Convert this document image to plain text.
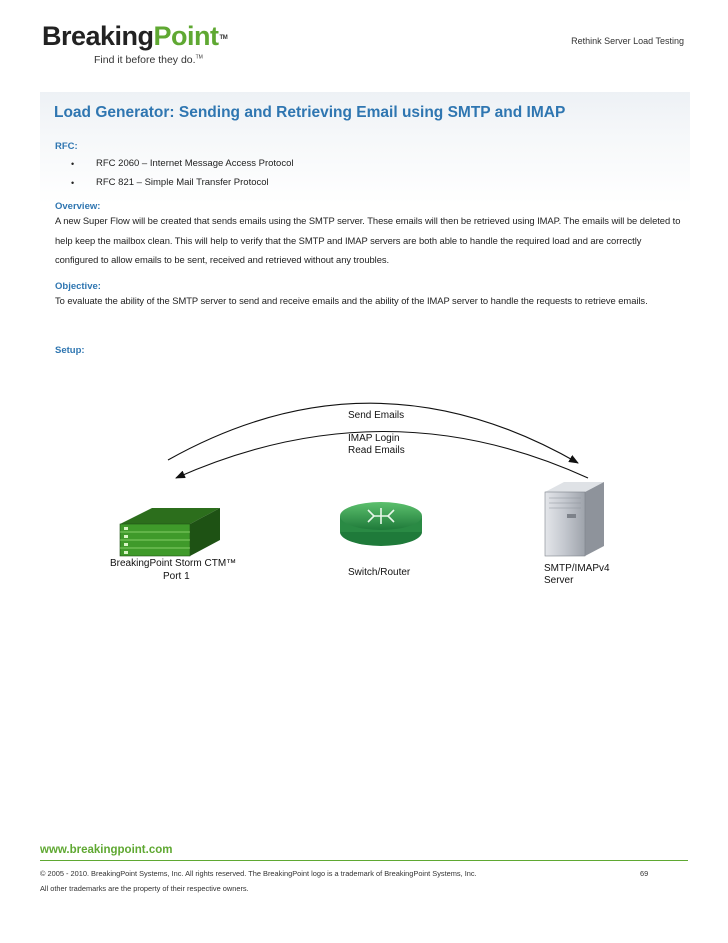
BreakingPoint™
Find it before they do.™
Rethink Server Load Testing
Load Generator: Sending and Retrieving Email using SMTP and IMAP
RFC:
• RFC 2060 – Internet Message Access Protocol
• RFC 821 – Simple Mail Transfer Protocol
Overview:
A new Super Flow will be created that sends emails using the SMTP server. These emails will then be retrieved using IMAP. The emails will be deleted to help keep the mailbox clean. This will help to verify that the SMTP and IMAP servers are both able to handle the required load and are correctly configured to allow emails to be sent, received and retrieved without any troubles.
Objective:
To evaluate the ability of the SMTP server to send and receive emails and the ability of the IMAP server to handle the requests to retrieve emails.
Setup:
Send Emails
IMAP Login
Read Emails
BreakingPoint Storm CTM™
Port 1	Switch/Router	SMTP/IMAPv4
Server
www.breakingpoint.com
© 2005 - 2010. BreakingPoint Systems, Inc. All rights reserved. The BreakingPoint logo is a trademark of BreakingPoint Systems, Inc.	69
All other trademarks are the property of their respective owners.
